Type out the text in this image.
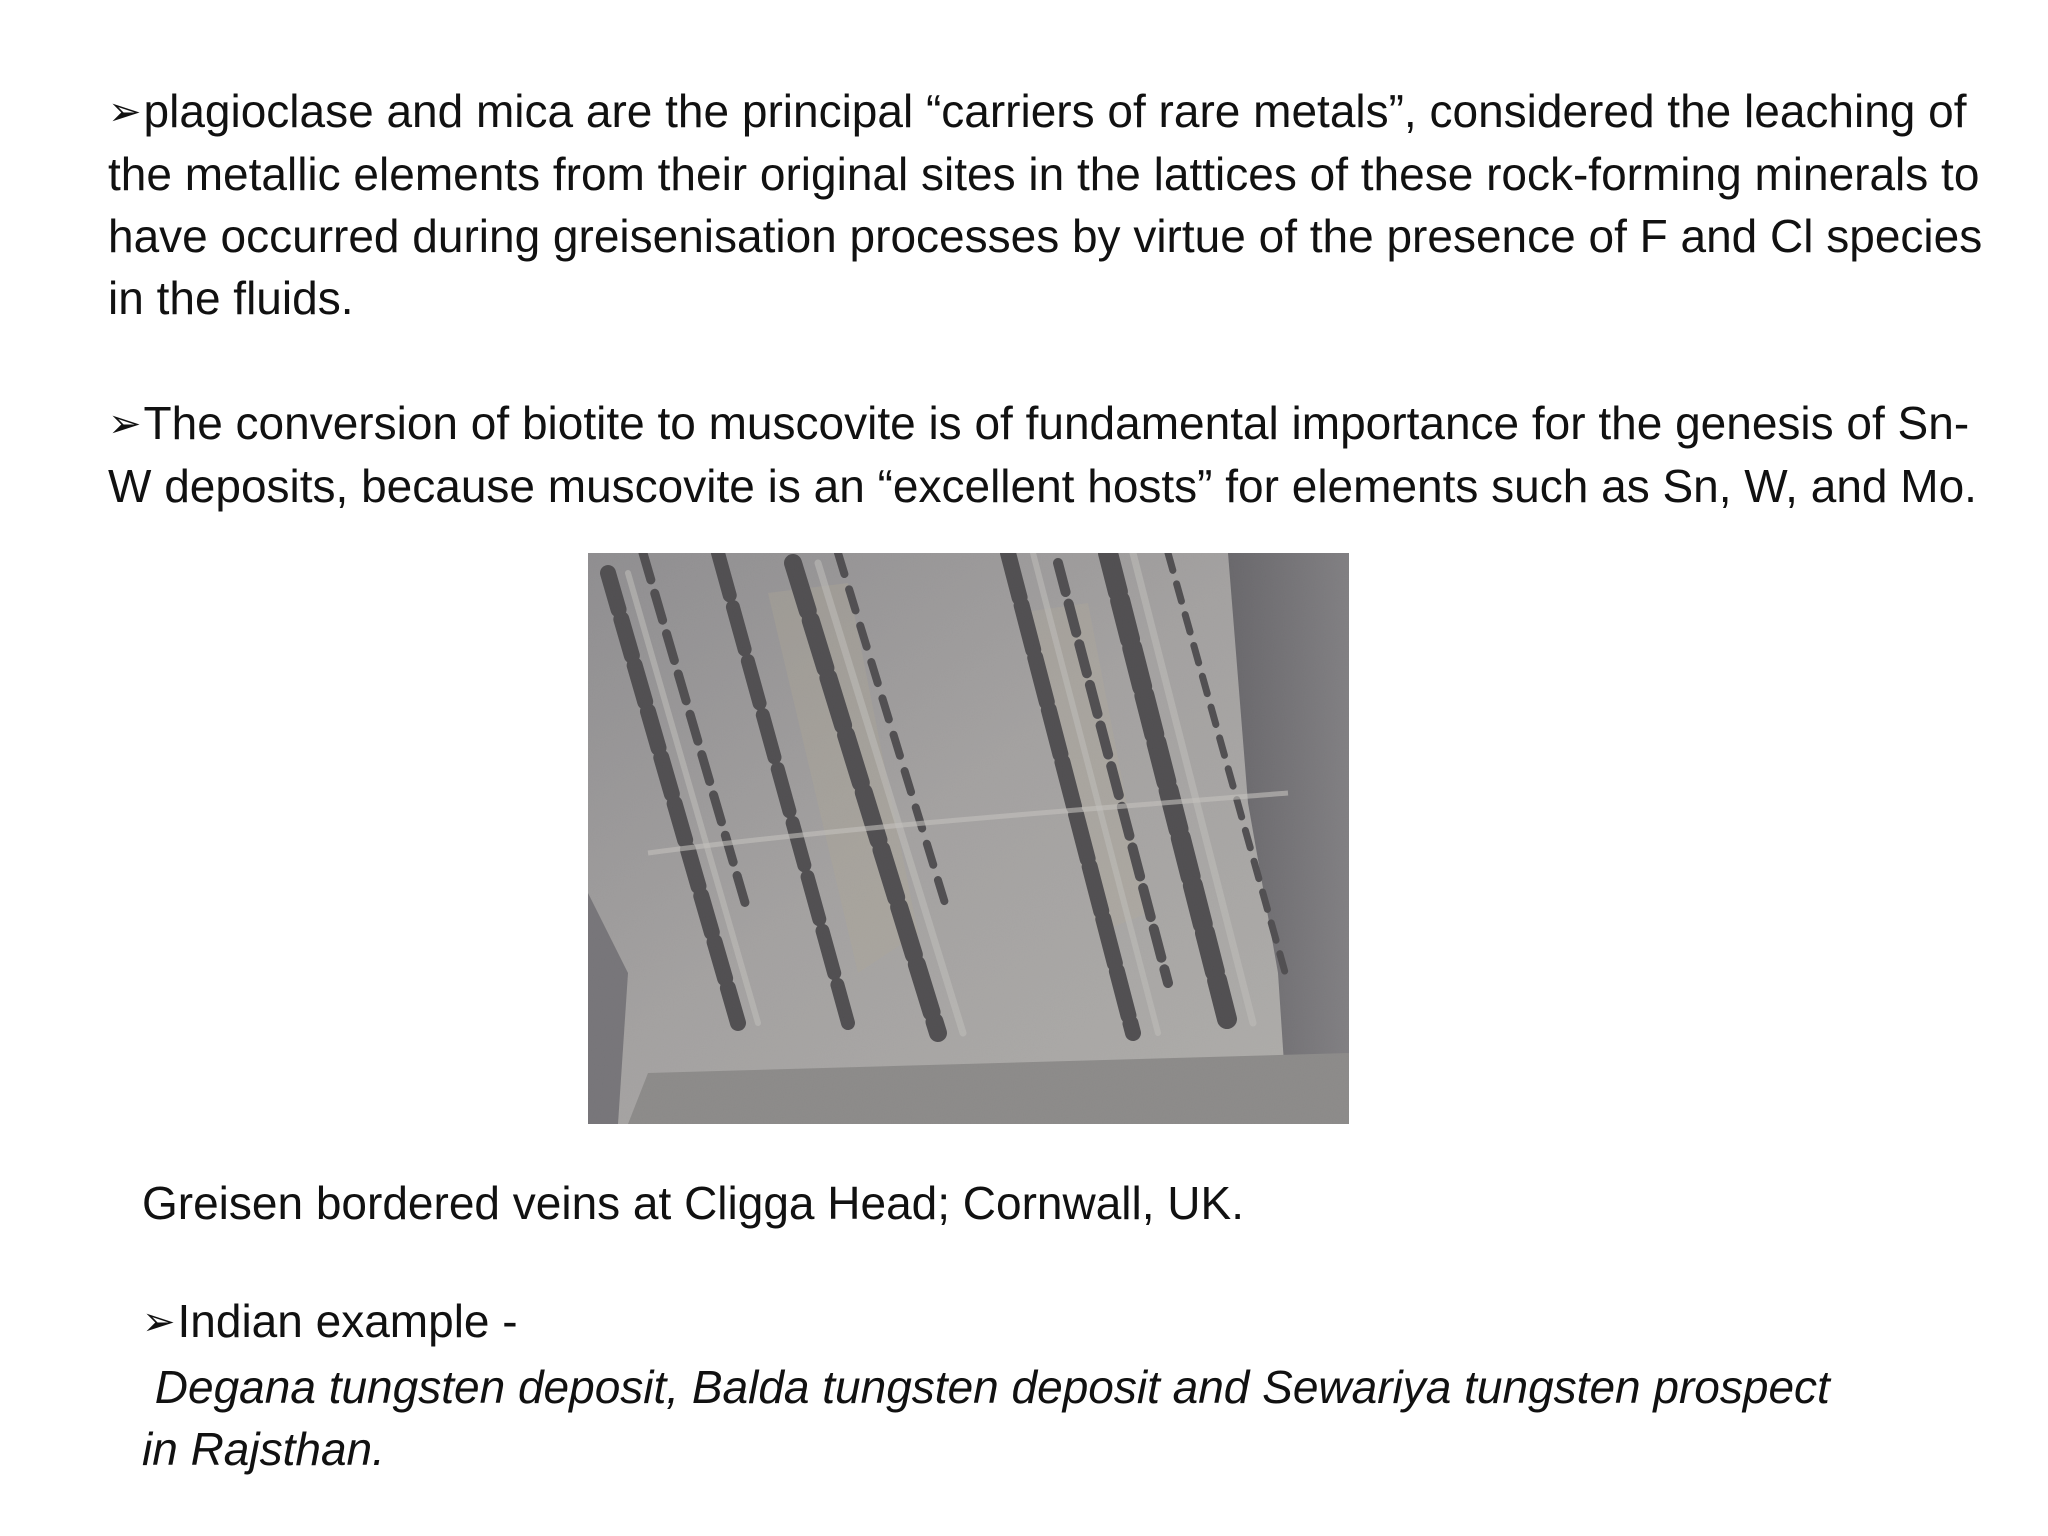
➢plagioclase and mica are the principal “carriers of rare metals”, considered the leaching of the metallic elements from their original sites in the lattices of these rock-forming minerals to have occurred during greisenisation processes by virtue of the presence of F and Cl species in the fluids.
➢The conversion of biotite to muscovite is of fundamental importance for the genesis of Sn-W deposits, because muscovite is an “excellent hosts” for elements such as Sn, W, and Mo.
Greisen bordered veins at Cligga Head; Cornwall, UK.
➢Indian example -
Degana tungsten deposit, Balda tungsten deposit and Sewariya tungsten prospect
in Rajsthan.
